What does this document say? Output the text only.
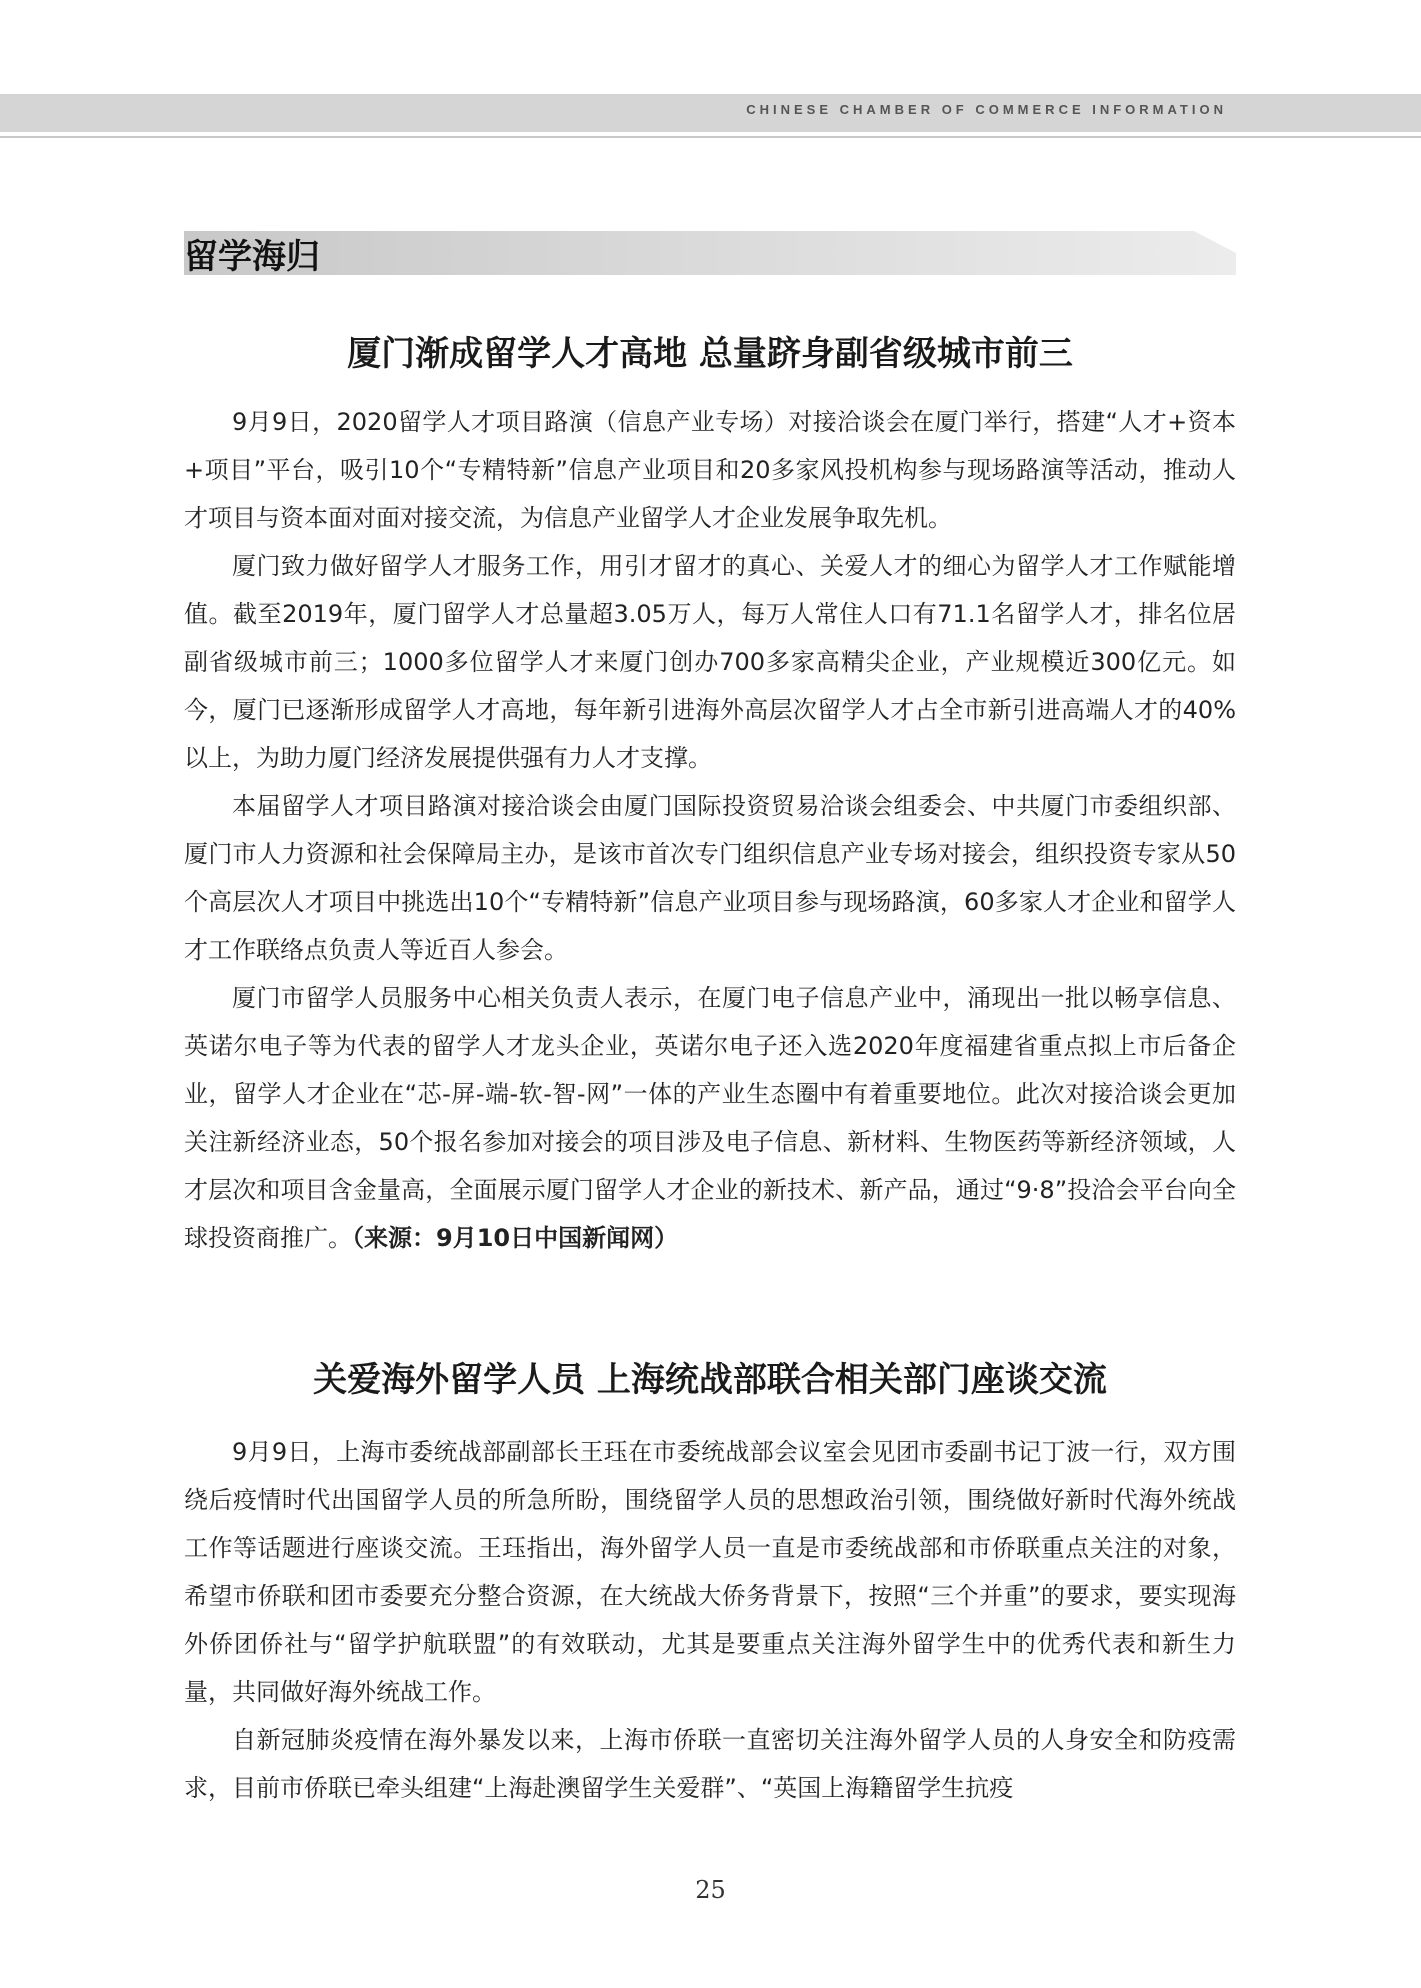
CHINESE CHAMBER OF COMMERCE INFORMATION
留学海归
厦门渐成留学人才高地 总量跻身副省级城市前三

9月9日，2020留学人才项目路演（信息产业专场）对接洽谈会在厦门举行，搭建“人才+资本+项目”平台，吸引10个“专精特新”信息产业项目和20多家风投机构参与现场路演等活动，推动人才项目与资本面对面对接交流，为信息产业留学人才企业发展争取先机。

厦门致力做好留学人才服务工作，用引才留才的真心、关爱人才的细心为留学人才工作赋能增值。截至2019年，厦门留学人才总量超3.05万人，每万人常住人口有71.1名留学人才，排名位居副省级城市前三；1000多位留学人才来厦门创办700多家高精尖企业，产业规模近300亿元。如今，厦门已逐渐形成留学人才高地，每年新引进海外高层次留学人才占全市新引进高端人才的40%以上，为助力厦门经济发展提供强有力人才支撑。

本届留学人才项目路演对接洽谈会由厦门国际投资贸易洽谈会组委会、中共厦门市委组织部、厦门市人力资源和社会保障局主办，是该市首次专门组织信息产业专场对接会，组织投资专家从50个高层次人才项目中挑选出10个“专精特新”信息产业项目参与现场路演，60多家人才企业和留学人才工作联络点负责人等近百人参会。

厦门市留学人员服务中心相关负责人表示，在厦门电子信息产业中，涌现出一批以畅享信息、英诺尔电子等为代表的留学人才龙头企业，英诺尔电子还入选2020年度福建省重点拟上市后备企业，留学人才企业在“芯-屏-端-软-智-网”一体的产业生态圈中有着重要地位。此次对接洽谈会更加关注新经济业态，50个报名参加对接会的项目涉及电子信息、新材料、生物医药等新经济领域，人才层次和项目含金量高，全面展示厦门留学人才企业的新技术、新产品，通过“9·8”投洽会平台向全球投资商推广。（来源：9月10日中国新闻网）

关爱海外留学人员 上海统战部联合相关部门座谈交流

9月9日，上海市委统战部副部长王珏在市委统战部会议室会见团市委副书记丁波一行，双方围绕后疫情时代出国留学人员的所急所盼，围绕留学人员的思想政治引领，围绕做好新时代海外统战工作等话题进行座谈交流。王珏指出，海外留学人员一直是市委统战部和市侨联重点关注的对象，希望市侨联和团市委要充分整合资源，在大统战大侨务背景下，按照“三个并重”的要求，要实现海外侨团侨社与“留学护航联盟”的有效联动，尤其是要重点关注海外留学生中的优秀代表和新生力量，共同做好海外统战工作。

自新冠肺炎疫情在海外暴发以来，上海市侨联一直密切关注海外留学人员的人身安全和防疫需求，目前市侨联已牵头组建“上海赴澳留学生关爱群”、“英国上海籍留学生抗疫

25
